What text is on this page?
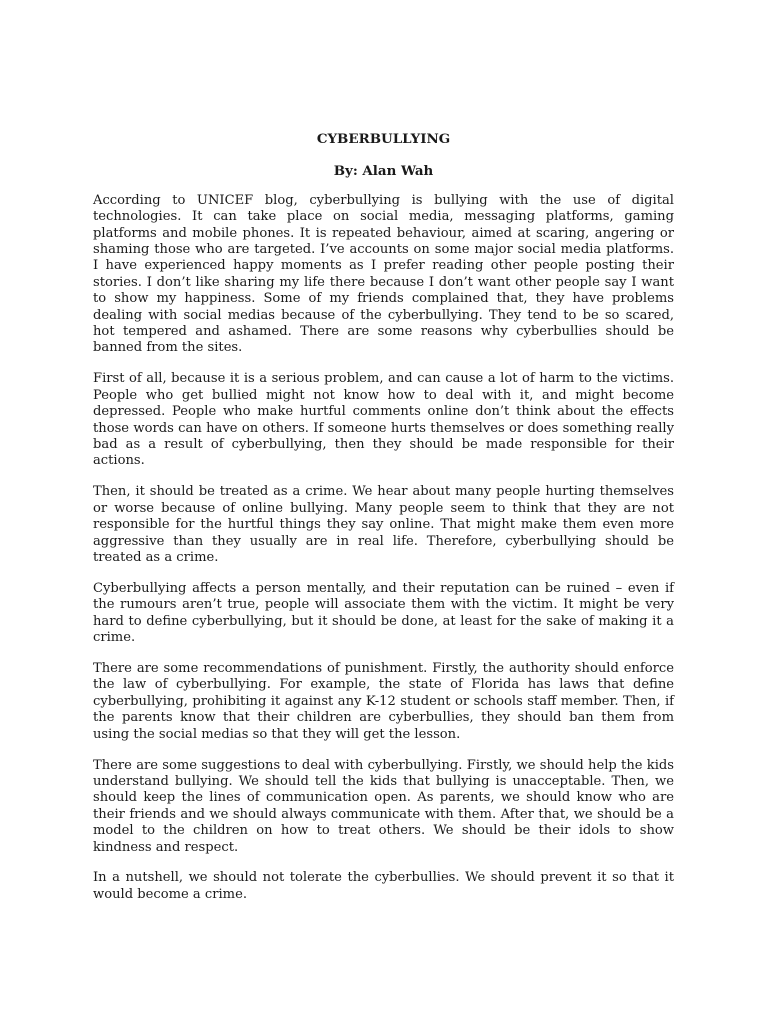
CYBERBULLYING

By: Alan Wah

According to UNICEF blog, cyberbullying is bullying with the use of digital technologies. It can take place on social media, messaging platforms, gaming platforms and mobile phones. It is repeated behaviour, aimed at scaring, angering or shaming those who are targeted. I’ve accounts on some major social media platforms. I have experienced happy moments as I prefer reading other people posting their stories. I don’t like sharing my life there because I don’t want other people say I want to show my happiness. Some of my friends complained that, they have problems dealing with social medias because of the cyberbullying. They tend to be so scared, hot tempered and ashamed. There are some reasons why cyberbullies should be banned from the sites.

First of all, because it is a serious problem, and can cause a lot of harm to the victims. People who get bullied might not know how to deal with it, and might become depressed. People who make hurtful comments online don’t think about the effects those words can have on others. If someone hurts themselves or does something really bad as a result of cyberbullying, then they should be made responsible for their actions.

Then, it should be treated as a crime. We hear about many people hurting themselves or worse because of online bullying. Many people seem to think that they are not responsible for the hurtful things they say online. That might make them even more aggressive than they usually are in real life. Therefore, cyberbullying should be treated as a crime.

Cyberbullying affects a person mentally, and their reputation can be ruined – even if the rumours aren’t true, people will associate them with the victim. It might be very hard to define cyberbullying, but it should be done, at least for the sake of making it a crime.

There are some recommendations of punishment. Firstly, the authority should enforce the law of cyberbullying. For example, the state of Florida has laws that define cyberbullying, prohibiting it against any K-12 student or schools staff member. Then, if the parents know that their children are cyberbullies, they should ban them from using the social medias so that they will get the lesson.

There are some suggestions to deal with cyberbullying. Firstly, we should help the kids understand bullying. We should tell the kids that bullying is unacceptable. Then, we should keep the lines of communication open. As parents, we should know who are their friends and we should always communicate with them. After that, we should be a model to the children on how to treat others. We should be their idols to show kindness and respect.

In a nutshell, we should not tolerate the cyberbullies. We should prevent it so that it would become a crime.
